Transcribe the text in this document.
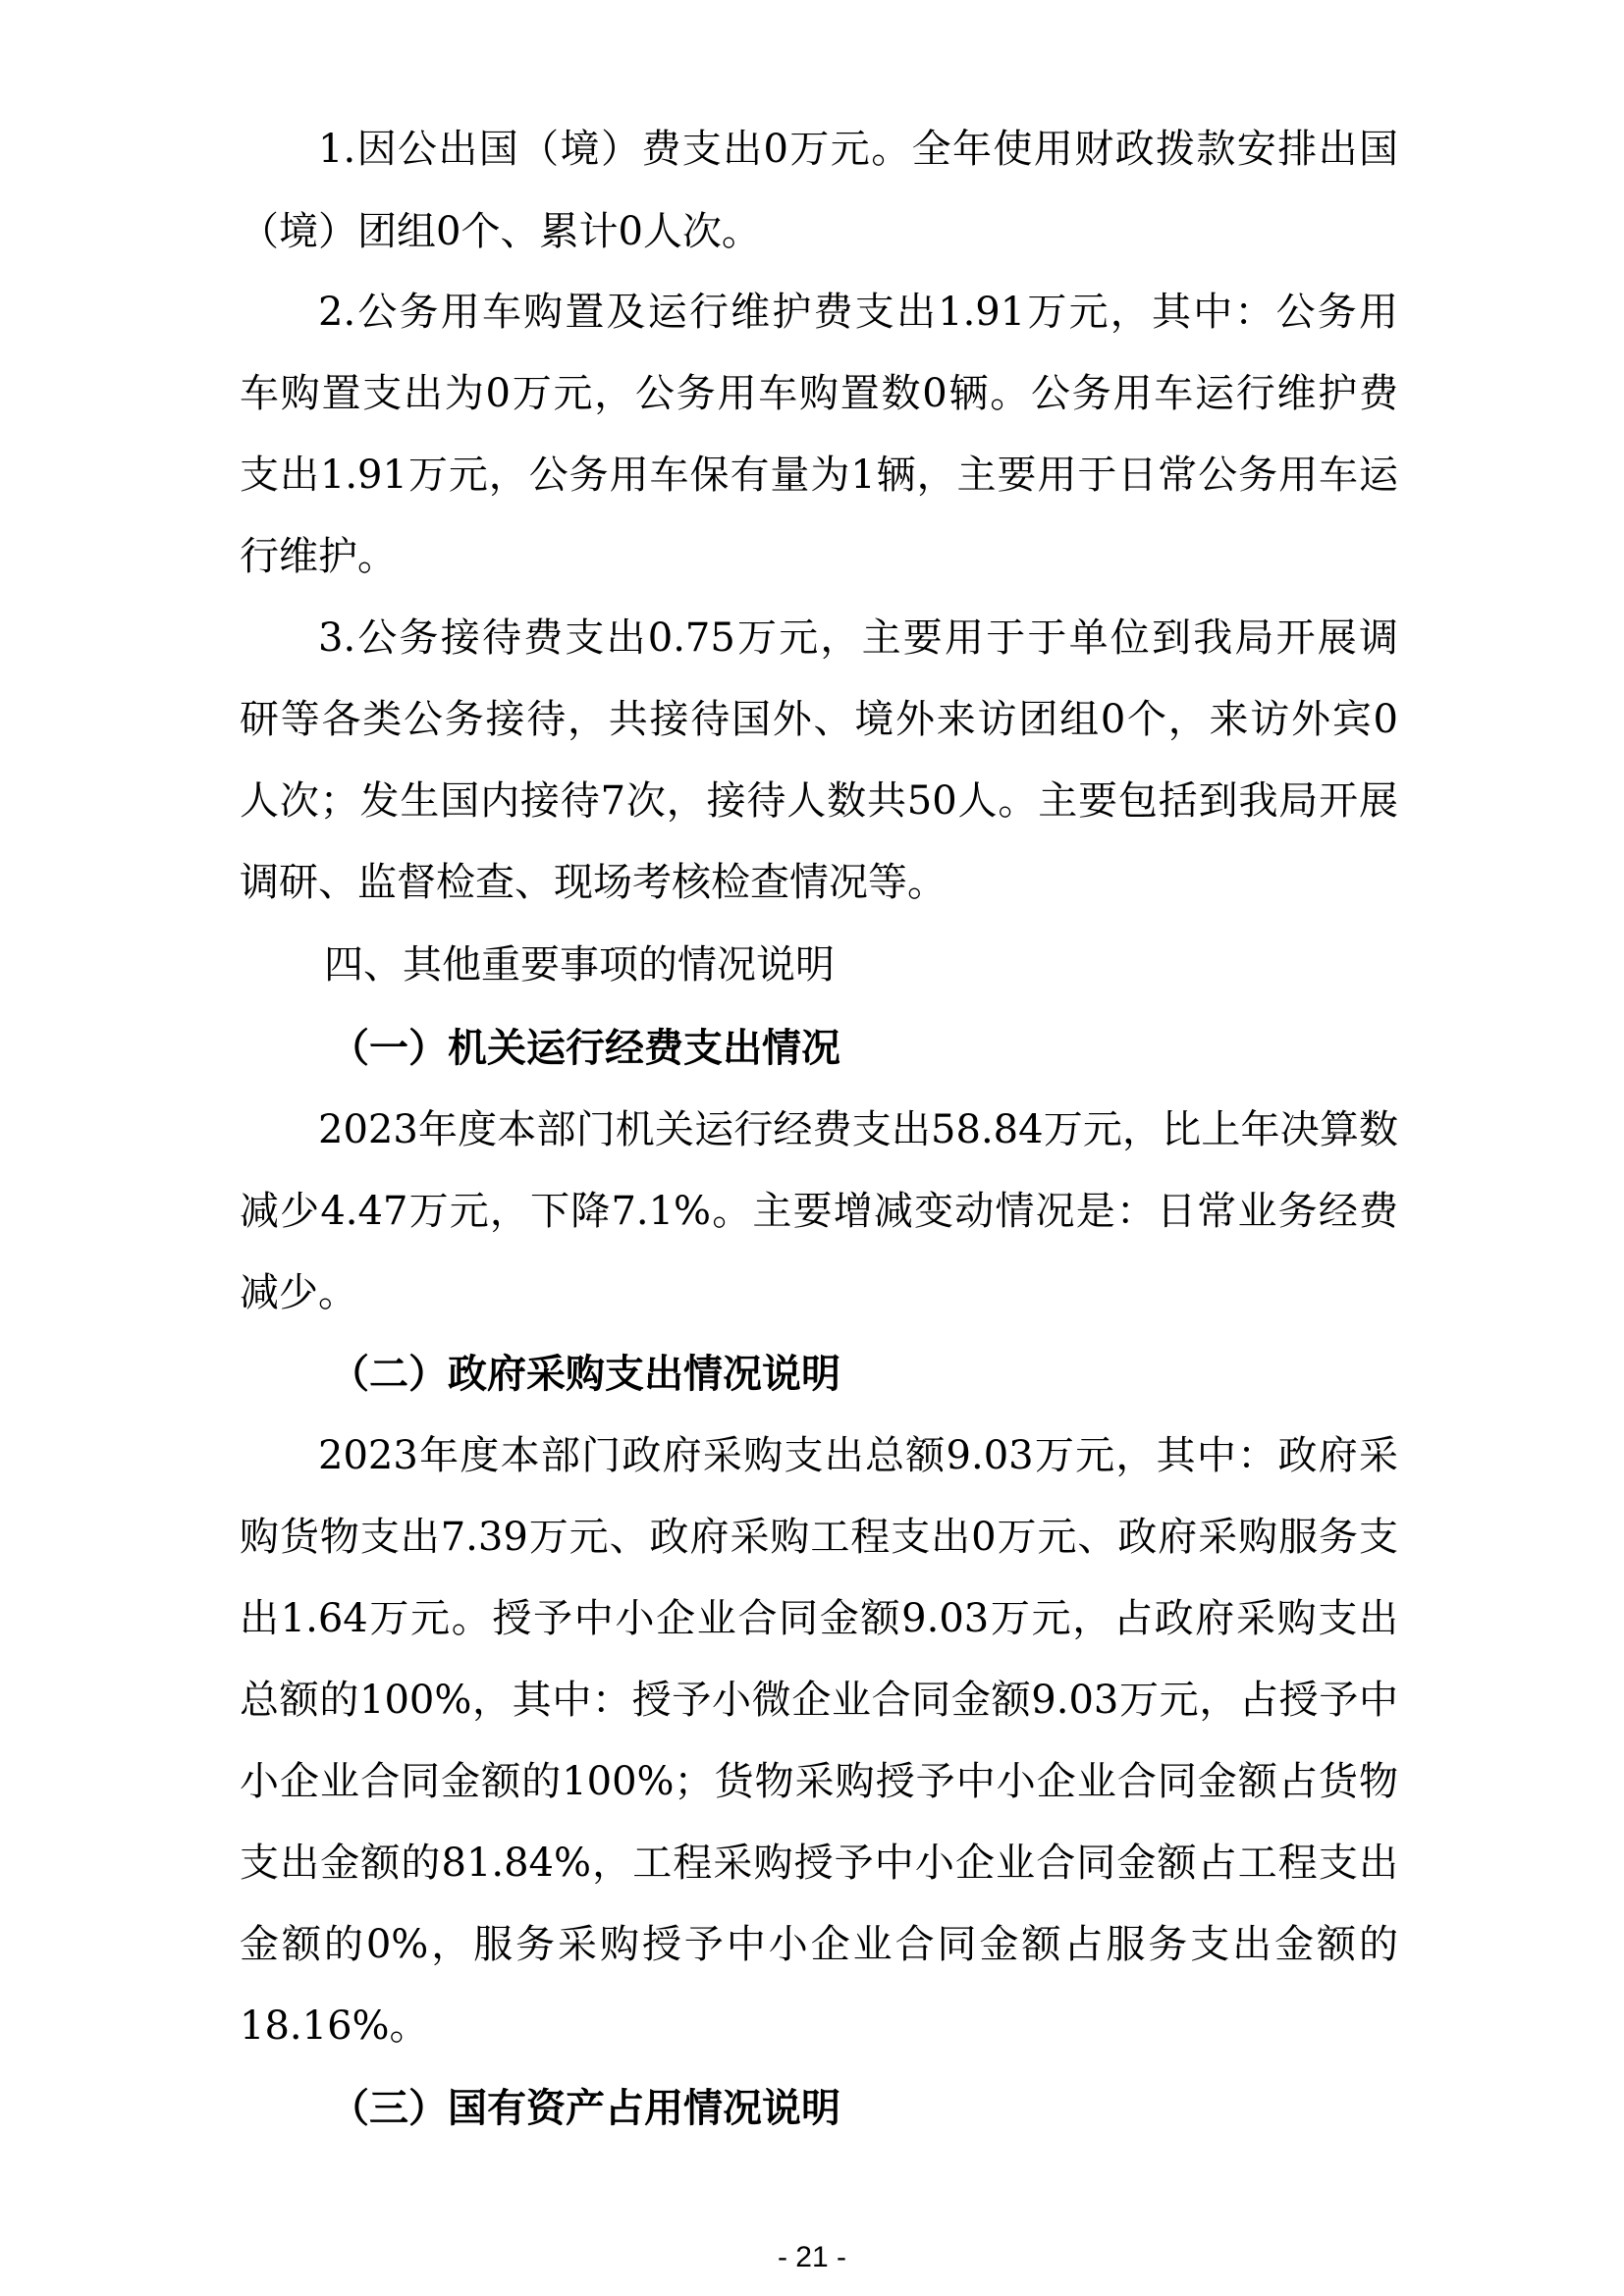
1.因公出国（境）费支出0万元。全年使用财政拨款安排出国
（境）团组0个、累计0人次。
2.公务用车购置及运行维护费支出1.91万元，其中：公务用
车购置支出为0万元，公务用车购置数0辆。公务用车运行维护费
支出1.91万元，公务用车保有量为1辆，主要用于日常公务用车运
行维护。
3.公务接待费支出0.75万元，主要用于于单位到我局开展调
研等各类公务接待，共接待国外、境外来访团组0个，来访外宾0
人次；发生国内接待7次，接待人数共50人。主要包括到我局开展
调研、监督检查、现场考核检查情况等。
四、其他重要事项的情况说明
（一）机关运行经费支出情况
2023年度本部门机关运行经费支出58.84万元，比上年决算数
减少4.47万元，下降7.1%。主要增减变动情况是：日常业务经费
减少。
（二）政府采购支出情况说明
2023年度本部门政府采购支出总额9.03万元，其中：政府采
购货物支出7.39万元、政府采购工程支出0万元、政府采购服务支
出1.64万元。授予中小企业合同金额9.03万元，占政府采购支出
总额的100%，其中：授予小微企业合同金额9.03万元，占授予中
小企业合同金额的100%；货物采购授予中小企业合同金额占货物
支出金额的81.84%，工程采购授予中小企业合同金额占工程支出
金额的0%，服务采购授予中小企业合同金额占服务支出金额的
18.16%。
（三）国有资产占用情况说明
- 21 -
